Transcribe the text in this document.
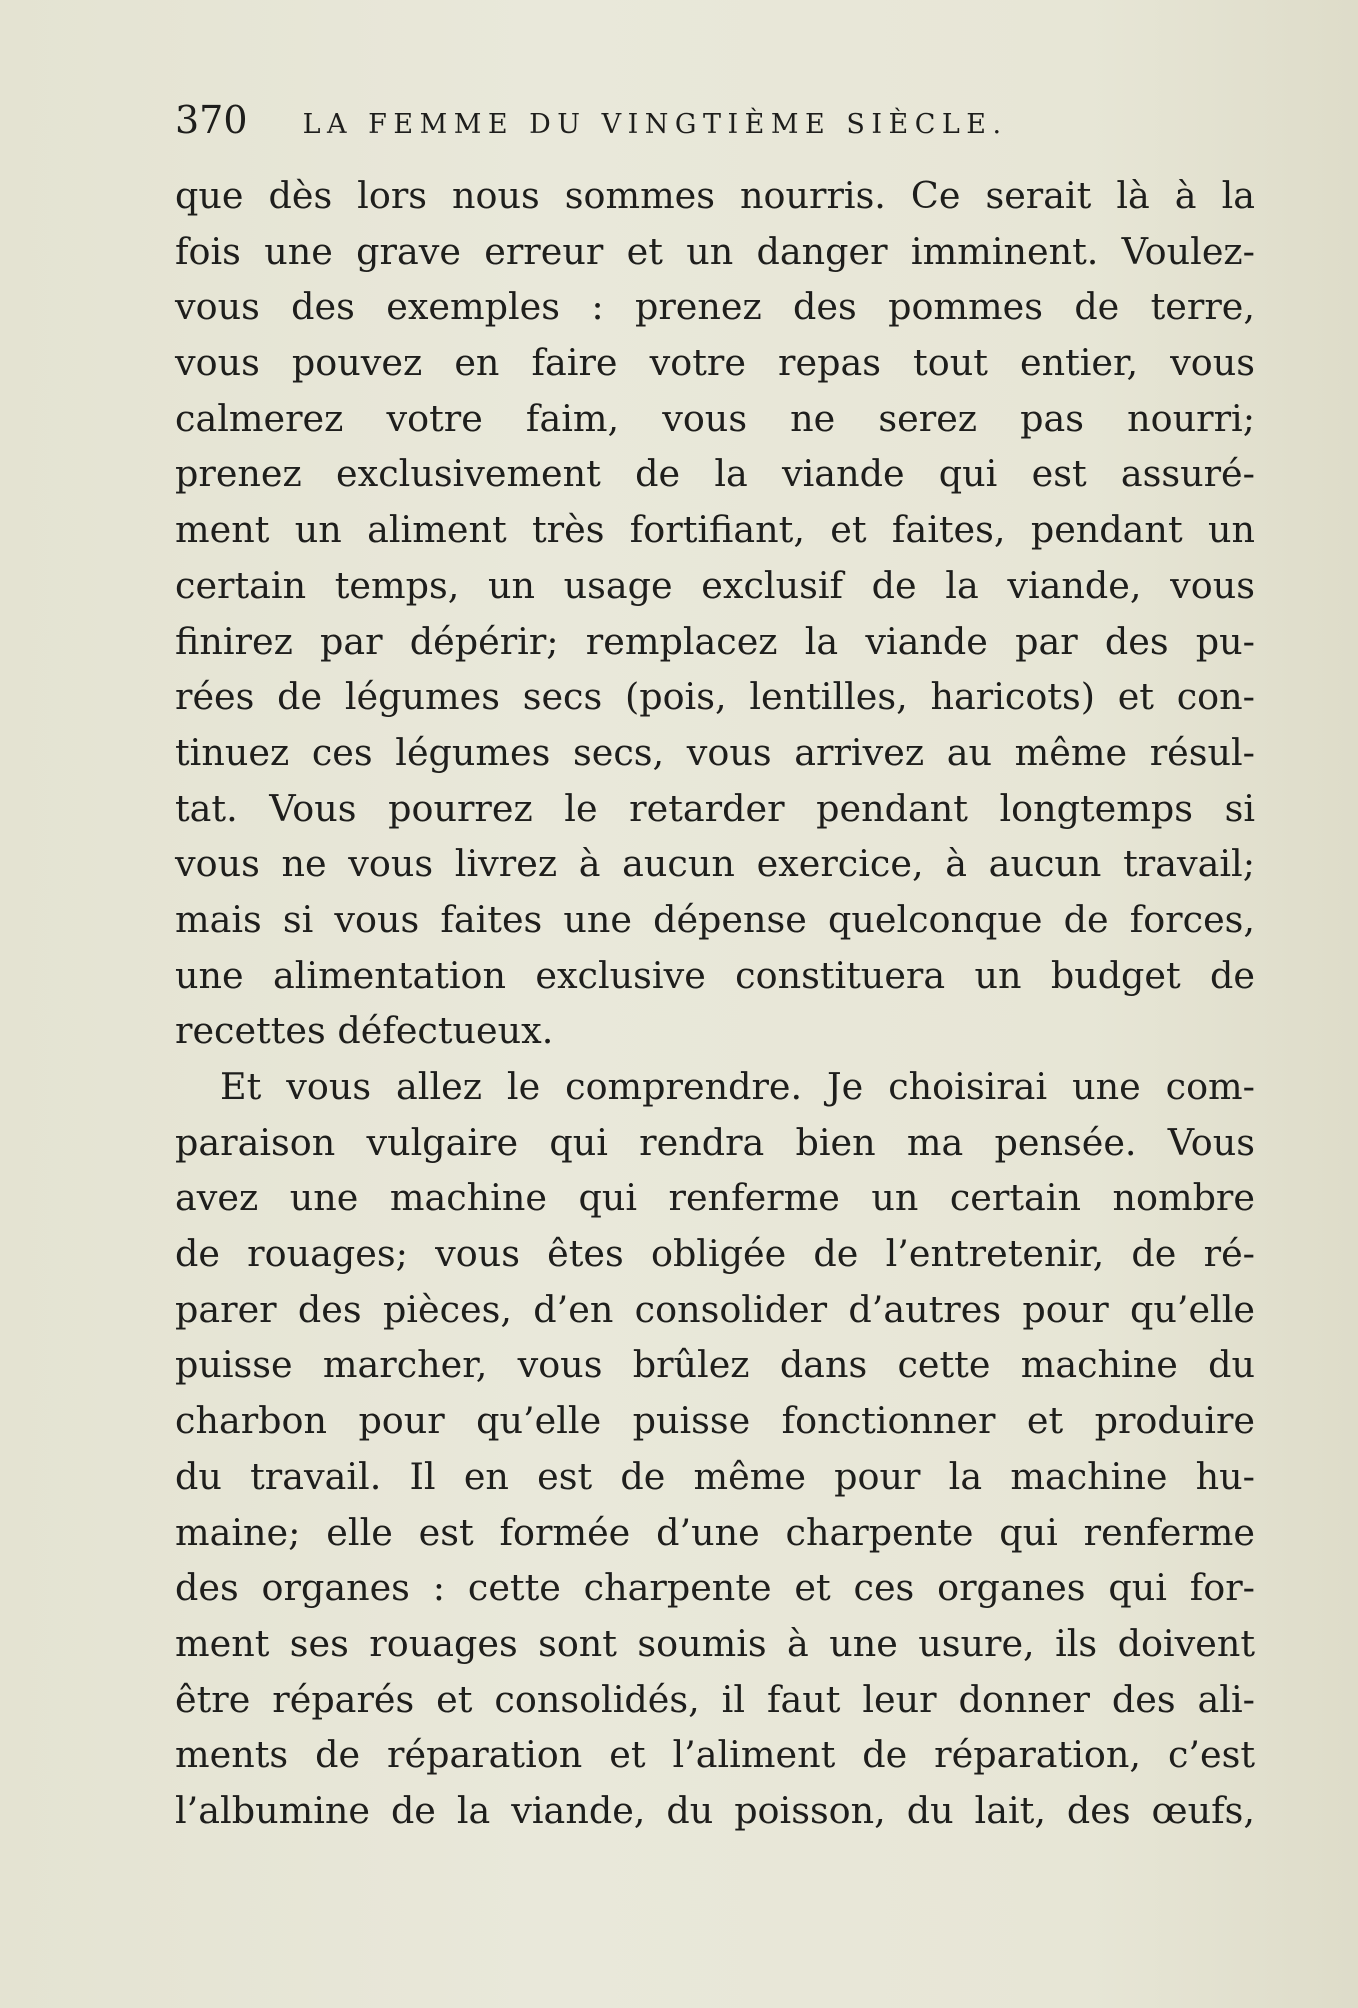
370 LA FEMME DU VINGTIÈME SIÈCLE.
que dès lors nous sommes nourris. Ce serait là à la
fois une grave erreur et un danger imminent. Voulez-
vous des exemples : prenez des pommes de terre,
vous pouvez en faire votre repas tout entier, vous
calmerez votre faim, vous ne serez pas nourri;
prenez exclusivement de la viande qui est assuré-
ment un aliment très fortifiant, et faites, pendant un
certain temps, un usage exclusif de la viande, vous
finirez par dépérir; remplacez la viande par des pu-
rées de légumes secs (pois, lentilles, haricots) et con-
tinuez ces légumes secs, vous arrivez au même résul-
tat. Vous pourrez le retarder pendant longtemps si
vous ne vous livrez à aucun exercice, à aucun travail;
mais si vous faites une dépense quelconque de forces,
une alimentation exclusive constituera un budget de
recettes défectueux.
Et vous allez le comprendre. Je choisirai une com-
paraison vulgaire qui rendra bien ma pensée. Vous
avez une machine qui renferme un certain nombre
de rouages; vous êtes obligée de l’entretenir, de ré-
parer des pièces, d’en consolider d’autres pour qu’elle
puisse marcher, vous brûlez dans cette machine du
charbon pour qu’elle puisse fonctionner et produire
du travail. Il en est de même pour la machine hu-
maine; elle est formée d’une charpente qui renferme
des organes : cette charpente et ces organes qui for-
ment ses rouages sont soumis à une usure, ils doivent
être réparés et consolidés, il faut leur donner des ali-
ments de réparation et l’aliment de réparation, c’est
l’albumine de la viande, du poisson, du lait, des œufs,
